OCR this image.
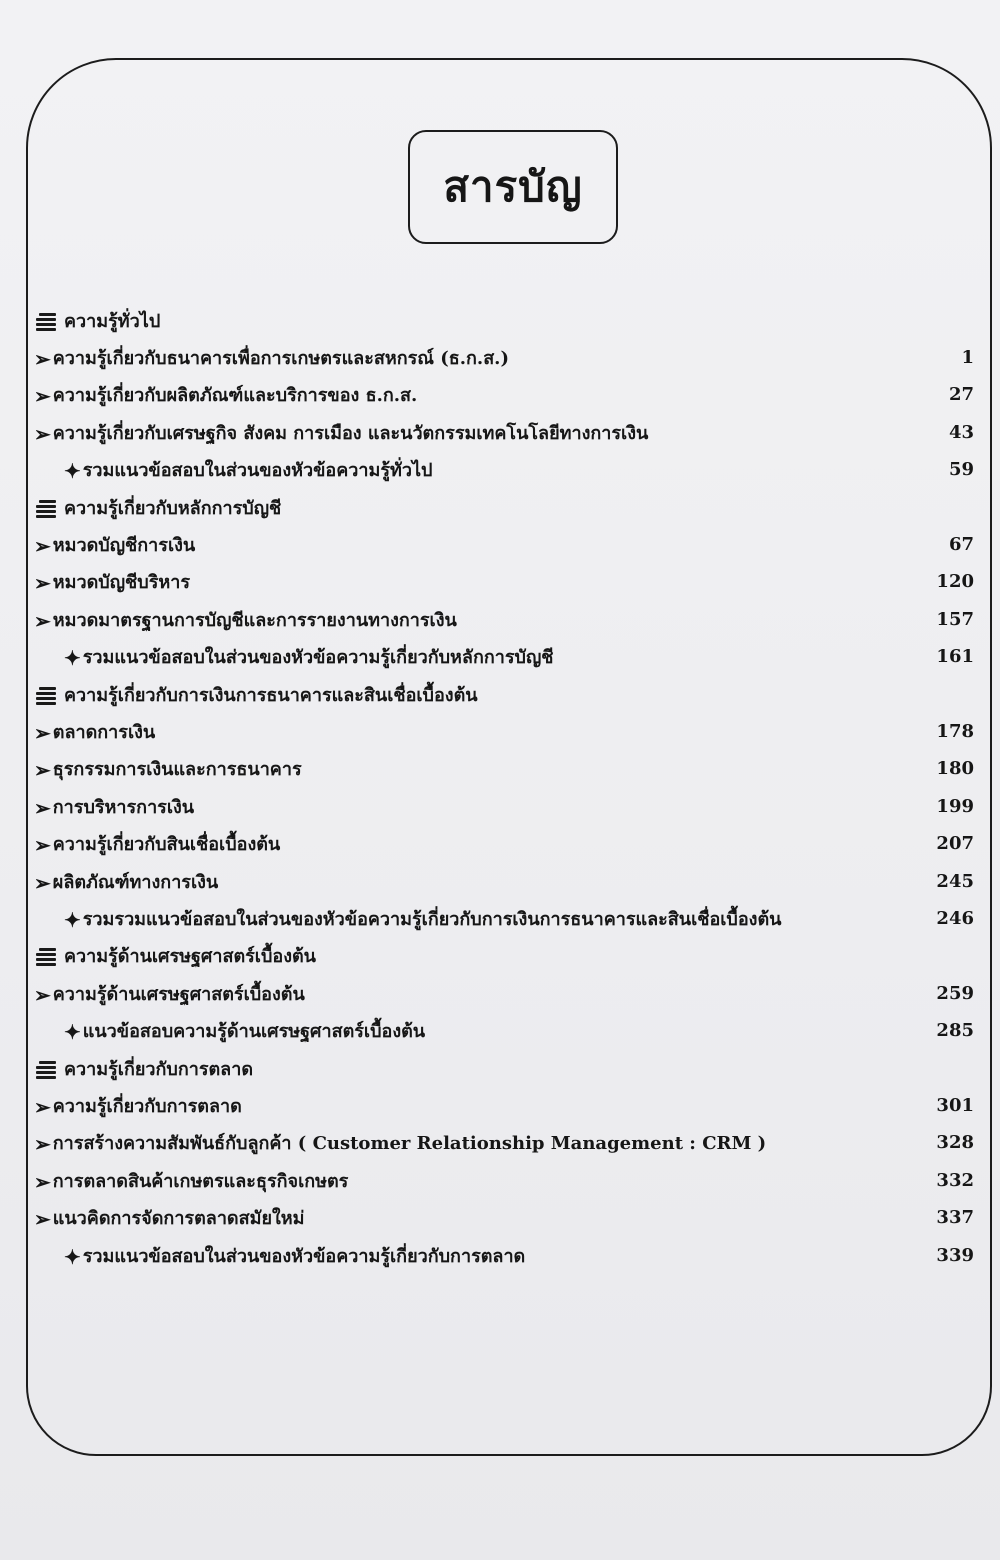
สารบัญ
ความรู้ทั่วไป
➢ ความรู้เกี่ยวกับธนาคารเพื่อการเกษตรและสหกรณ์ (ธ.ก.ส.)	1
➢ ความรู้เกี่ยวกับผลิตภัณฑ์และบริการของ ธ.ก.ส.	27
➢ ความรู้เกี่ยวกับเศรษฐกิจ สังคม การเมือง และนวัตกรรมเทคโนโลยีทางการเงิน	43
✦ รวมแนวข้อสอบในส่วนของหัวข้อความรู้ทั่วไป	59
ความรู้เกี่ยวกับหลักการบัญชี
➢ หมวดบัญชีการเงิน	67
➢ หมวดบัญชีบริหาร	120
➢ หมวดมาตรฐานการบัญชีและการรายงานทางการเงิน	157
✦ รวมแนวข้อสอบในส่วนของหัวข้อความรู้เกี่ยวกับหลักการบัญชี	161
ความรู้เกี่ยวกับการเงินการธนาคารและสินเชื่อเบื้องต้น
➢ ตลาดการเงิน	178
➢ ธุรกรรมการเงินและการธนาคาร	180
➢ การบริหารการเงิน	199
➢ ความรู้เกี่ยวกับสินเชื่อเบื้องต้น	207
➢ ผลิตภัณฑ์ทางการเงิน	245
✦ รวมรวมแนวข้อสอบในส่วนของหัวข้อความรู้เกี่ยวกับการเงินการธนาคารและสินเชื่อเบื้องต้น	246
ความรู้ด้านเศรษฐศาสตร์เบื้องต้น
➢ ความรู้ด้านเศรษฐศาสตร์เบื้องต้น	259
✦ แนวข้อสอบความรู้ด้านเศรษฐศาสตร์เบื้องต้น	285
ความรู้เกี่ยวกับการตลาด
➢ ความรู้เกี่ยวกับการตลาด	301
➢ การสร้างความสัมพันธ์กับลูกค้า ( Customer Relationship Management : CRM )	328
➢ การตลาดสินค้าเกษตรและธุรกิจเกษตร	332
➢ แนวคิดการจัดการตลาดสมัยใหม่	337
✦ รวมแนวข้อสอบในส่วนของหัวข้อความรู้เกี่ยวกับการตลาด	339
